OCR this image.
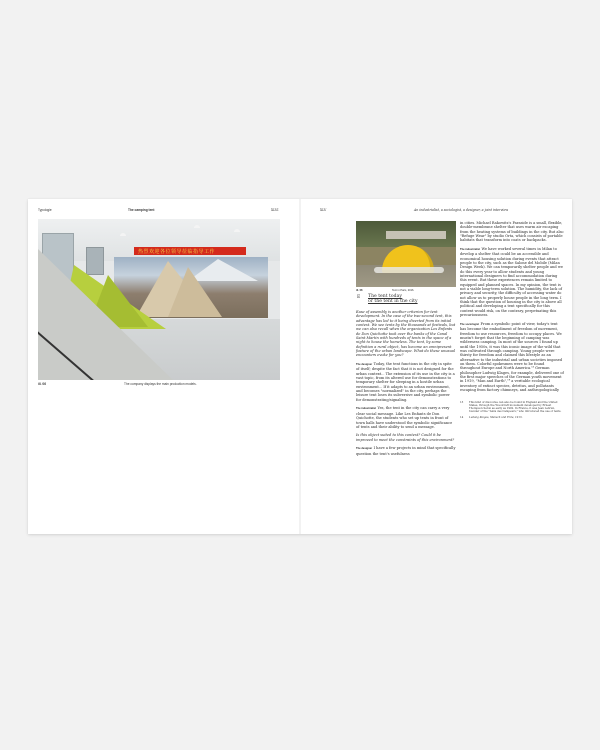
Typologie	The camping tent	XLVI
热烈欢迎各位领导莅临指导工作
ill. 06	The company displays the main production models.
XLV	An industrialist, a sociologist, a designer, a joint interview
ill. 08	Tent in Paris, 2016.
E The tent today
or the tent in the city

Ease of assembly is another criterion for tent development. In the case of the two-second tent, this advantage has led to it being diverted from its initial context. We see tents by the thousands at festivals, but we can also recall when the organization Les Enfants de Don Quichotte took over the banks of the Canal Saint Martin with hundreds of tents in the space of a night to house the homeless. The tent, by some definition a rural object, has become an omnipresent feature of the urban landscape. What do these unusual encounters evoke for you?

The designer Today, the tent functions in the city in spite of itself; despite the fact that it is not designed for the urban context... The extension of its use in the city is a vast topic, from its altered use for demonstrations to temporary shelter for sleeping in a hostile urban environment... If it adapts to an urban environment, and becomes "normalized" in the city, perhaps the leisure tent loses its subversive and symbolic power for demonstrating/signaling.

The industrialist Yes, the tent in the city can carry a very clear social message. Like Les Enfants de Don Quichotte, the students who set up tents in front of town halls have understood the symbolic significance of tents and their ability to send a message.

Is this object suited to this context? Could it be improved to meet the constraints of this environment?

The designer I have a few projects in mind that specifically question the tent's usefulness

in cities. Michael Rakowitz's Paraside is a small, flexible, double-membrane shelter that uses warm air escaping from the heating systems of buildings in the city. But also "Refuge Wear" by studio Orta, which consists of portable habitats that transform into coats or backpacks.

The industrialist We have worked several times in Milan to develop a shelter that could be an accessible and economical housing solution during events that attract people to the city, such as the Salone del Mobile (Milan Design Week). We can temporarily shelter people and we do this every year to allow students and young international designers to find accommodation during this event. But these experiences remain limited to equipped and planned spaces. In my opinion, the tent is not a viable long-term solution. The humidity, the lack of privacy and security, the difficulty of accessing water do not allow us to properly house people in the long term. I think that the question of housing in the city is above all political and developing a tent specifically for this context would risk, on the contrary, perpetuating this precariousness.

The sociologist From a symbolic point of view, today's tent has become the embodiment of freedom of movement, freedom to use resources, freedom to occupy places. We mustn't forget that the beginning of camping was wilderness camping. In most of the sources I found up until the 1950s, it was this iconic image of the wild that was cultivated through camping. Young people were thirsty for freedom and claimed this lifestyle as an alternative to the industrial and urban societies imposed on them. Colorful spokesmen were to be found throughout Europe and North America.¹³ German philosopher Ludwig Klages, for example, delivered one of the first major speeches of the German youth movement in 1919, "Man and Earth",¹⁴ a veritable ecological inventory of extinct species, detritus, and pollutants escaping from factory chimneys, and anthropologically

13	This kind of discourse can also be found in England and the United States, through the Woodcraft movement developed by Ernest Thompson Seton as early as 1902. In France, it was Jean Lebrun, founder of the "Amis des Campeurs," who introduced the use of tents.
14	Ludwig Klages, Mensch und Erde, 1913.
